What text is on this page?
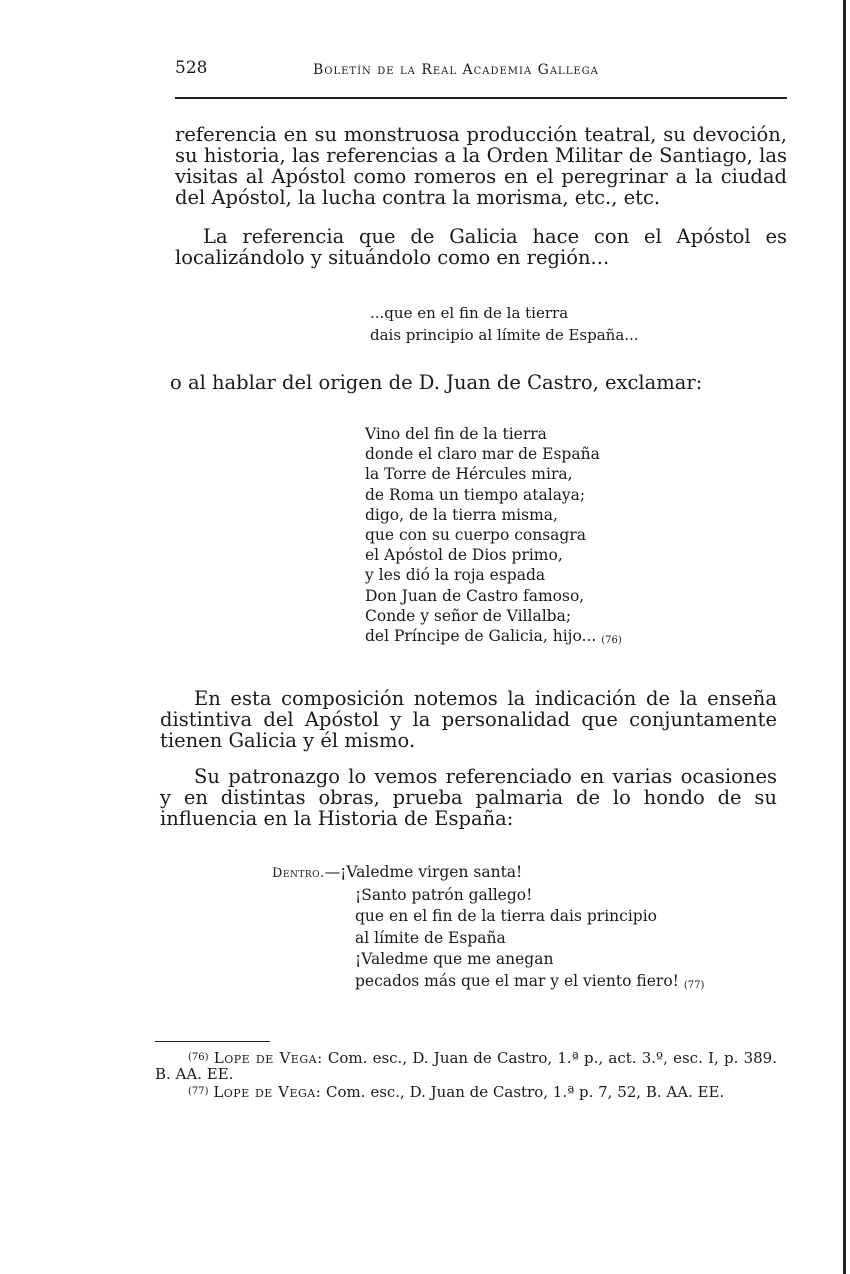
528	Boletín de la Real Academia Gallega

referencia en su monstruosa producción teatral, su devoción, su historia, las referencias a la Orden Militar de Santiago, las visitas al Apóstol como romeros en el peregrinar a la ciudad del Apóstol, la lucha contra la morisma, etc., etc.

La referencia que de Galicia hace con el Apóstol es localizándolo y situándolo como en región...

...que en el fin de la tierra
dais principio al límite de España...

o al hablar del origen de D. Juan de Castro, exclamar:

Vino del fin de la tierra
donde el claro mar de España
la Torre de Hércules mira,
de Roma un tiempo atalaya;
digo, de la tierra misma,
que con su cuerpo consagra
el Apóstol de Dios primo,
y les dió la roja espada
Don Juan de Castro famoso,
Conde y señor de Villalba;
del Príncipe de Galicia, hijo... (76)

En esta composición notemos la indicación de la enseña distintiva del Apóstol y la personalidad que conjuntamente tienen Galicia y él mismo.

Su patronazgo lo vemos referenciado en varias ocasiones y en distintas obras, prueba palmaria de lo hondo de su influencia en la Historia de España:

Dentro.—¡Valedme virgen santa!
¡Santo patrón gallego!
que en el fin de la tierra dais principio
al límite de España
¡Valedme que me anegan
pecados más que el mar y el viento fiero! (77)

$^{(76)}$ Lope de Vega: Com. esc., D. Juan de Castro, 1.ª p., act. 3.º, esc. I, p. 389. B. AA. EE.

$^{(77)}$ Lope de Vega: Com. esc., D. Juan de Castro, 1.ª p. 7, 52, B. AA. EE.
